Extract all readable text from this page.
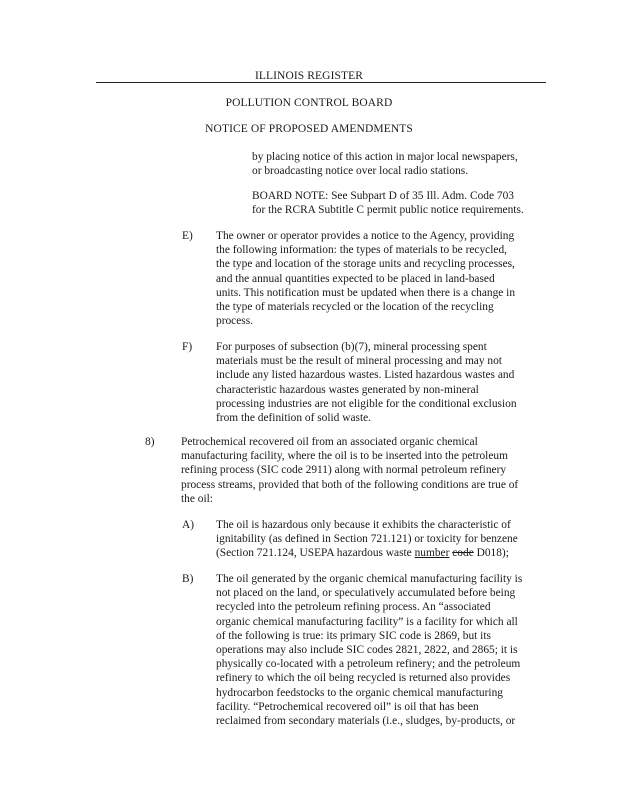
ILLINOIS REGISTER
POLLUTION CONTROL BOARD
NOTICE OF PROPOSED AMENDMENTS
by placing notice of this action in major local newspapers,
or broadcasting notice over local radio stations.
BOARD NOTE: See Subpart D of 35 Ill. Adm. Code 703
for the RCRA Subtitle C permit public notice requirements.
E) The owner or operator provides a notice to the Agency, providing
the following information: the types of materials to be recycled,
the type and location of the storage units and recycling processes,
and the annual quantities expected to be placed in land-based
units. This notification must be updated when there is a change in
the type of materials recycled or the location of the recycling
process.
F) For purposes of subsection (b)(7), mineral processing spent
materials must be the result of mineral processing and may not
include any listed hazardous wastes. Listed hazardous wastes and
characteristic hazardous wastes generated by non-mineral
processing industries are not eligible for the conditional exclusion
from the definition of solid waste.
8) Petrochemical recovered oil from an associated organic chemical
manufacturing facility, where the oil is to be inserted into the petroleum
refining process (SIC code 2911) along with normal petroleum refinery
process streams, provided that both of the following conditions are true of
the oil:
A) The oil is hazardous only because it exhibits the characteristic of
ignitability (as defined in Section 721.121) or toxicity for benzene
(Section 721.124, USEPA hazardous waste number code D018);
B) The oil generated by the organic chemical manufacturing facility is
not placed on the land, or speculatively accumulated before being
recycled into the petroleum refining process. An “associated
organic chemical manufacturing facility” is a facility for which all
of the following is true: its primary SIC code is 2869, but its
operations may also include SIC codes 2821, 2822, and 2865; it is
physically co-located with a petroleum refinery; and the petroleum
refinery to which the oil being recycled is returned also provides
hydrocarbon feedstocks to the organic chemical manufacturing
facility. “Petrochemical recovered oil” is oil that has been
reclaimed from secondary materials (i.e., sludges, by-products, or
